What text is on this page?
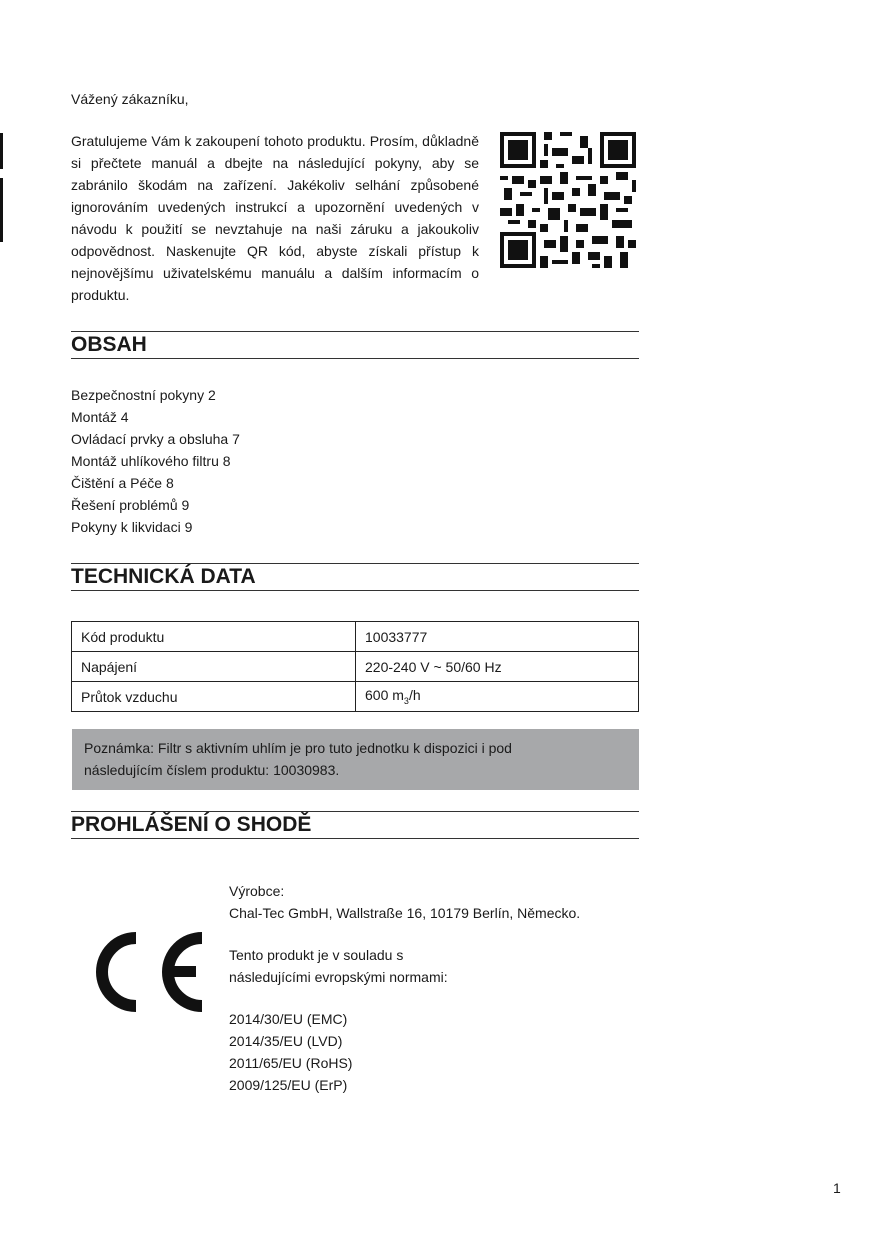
Vážený zákazníku,
Gratulujeme Vám k zakoupení tohoto produktu. Prosím, důkladně si přečtete manuál a dbejte na následující pokyny, aby se zabránilo škodám na zařízení. Jakékoliv selhání způsobené ignorováním uvedených instrukcí a upozornění uvedených v návodu k použití se nevztahuje na naši záruku a jakoukoliv odpovědnost. Naskenujte QR kód, abyste získali přístup k nejnovějšímu uživatelskému manuálu a dalším informacím o produktu.
OBSAH
Bezpečnostní pokyny 2
Montáž 4
Ovládací prvky a obsluha 7
Montáž uhlíkového filtru 8
Čištění a Péče 8
Řešení problémů 9
Pokyny k likvidaci 9
TECHNICKÁ DATA
Kód produktu	10033777
Napájení	220-240 V ~ 50/60 Hz
Průtok vzduchu	600 $m_3/h$
Poznámka: Filtr s aktivním uhlím je pro tuto jednotku k dispozici i pod
následujícím číslem produktu: 10030983.
PROHLÁŠENÍ O SHODĚ
Výrobce:
Chal-Tec GmbH, Wallstraße 16, 10179 Berlín, Německo.
Tento produkt je v souladu s
následujícími evropskými normami:
2014/30/EU (EMC)
2014/35/EU (LVD)
2011/65/EU (RoHS)
2009/125/EU (ErP)
1
